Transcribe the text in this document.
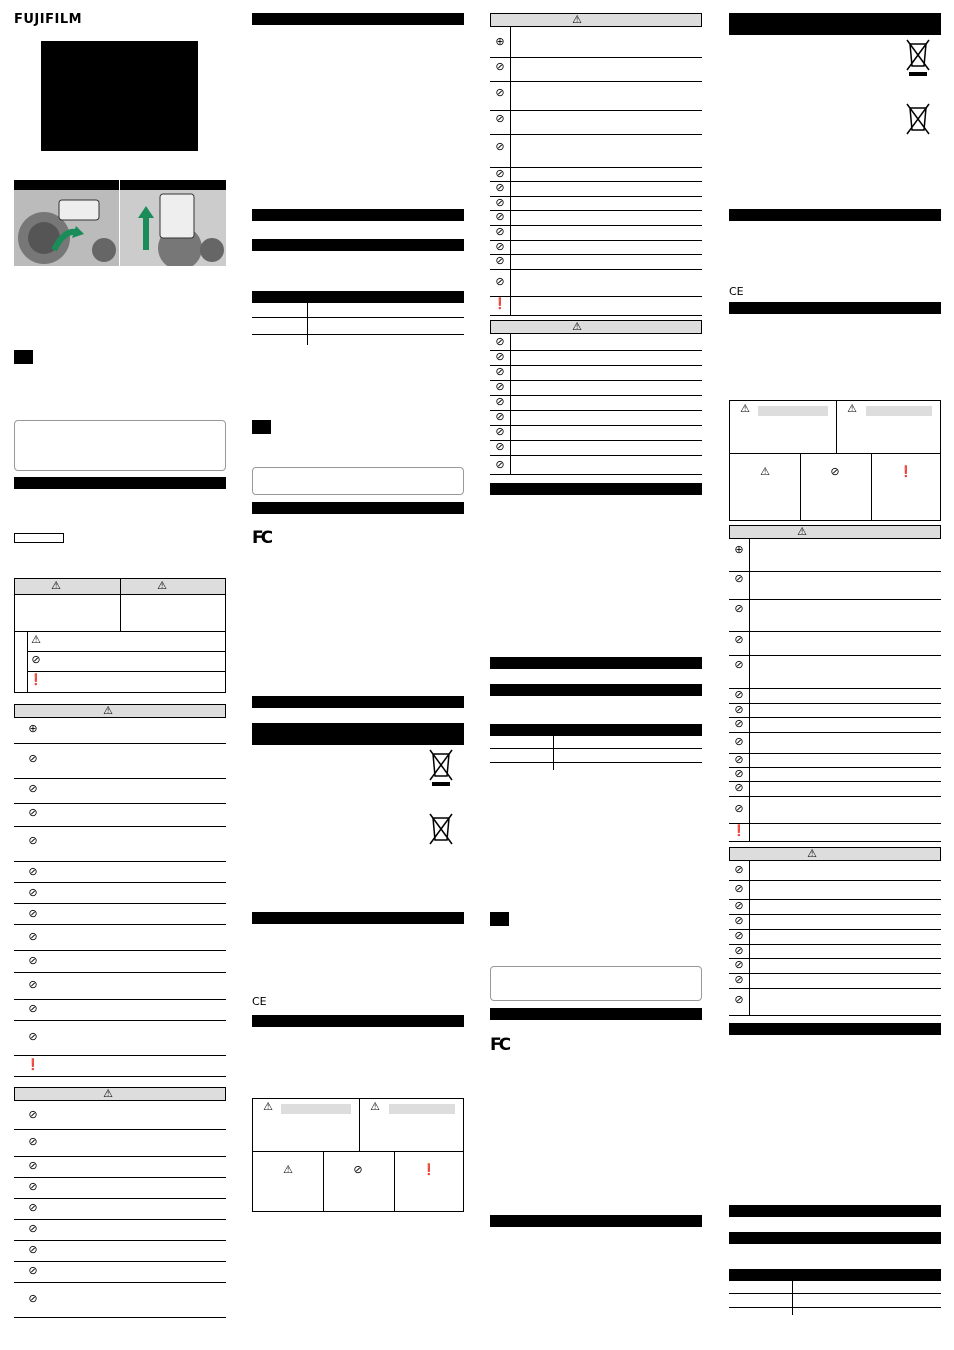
FUJIFILM
⚠	⚠
⚠
⊘
❗
⚠
⊕
⊘
⊘
⊘
⊘
⊘
⊘
⊘
⊘
⊘
⊘
⊘
⊘
❗
⚠
⊘
⊘
⊘
⊘
⊘
⊘
⊘
⊘
⊘
FC
CE
⚠	⚠
⚠	⊘	❗
⚠
⊕
⊘
⊘
⊘
⊘
⊘
⊘
⊘
⊘
⊘
⊘
⊘
⊘
❗
⚠
⊘
⊘
⊘
⊘
⊘
⊘
⊘
⊘
⊘
FC
CE
⚠	⚠
⚠	⊘	❗
⚠
⊕
⊘
⊘
⊘
⊘
⊘
⊘
⊘
⊘
⊘
⊘
⊘
⊘
❗
⚠
⊘
⊘
⊘
⊘
⊘
⊘
⊘
⊘
⊘
